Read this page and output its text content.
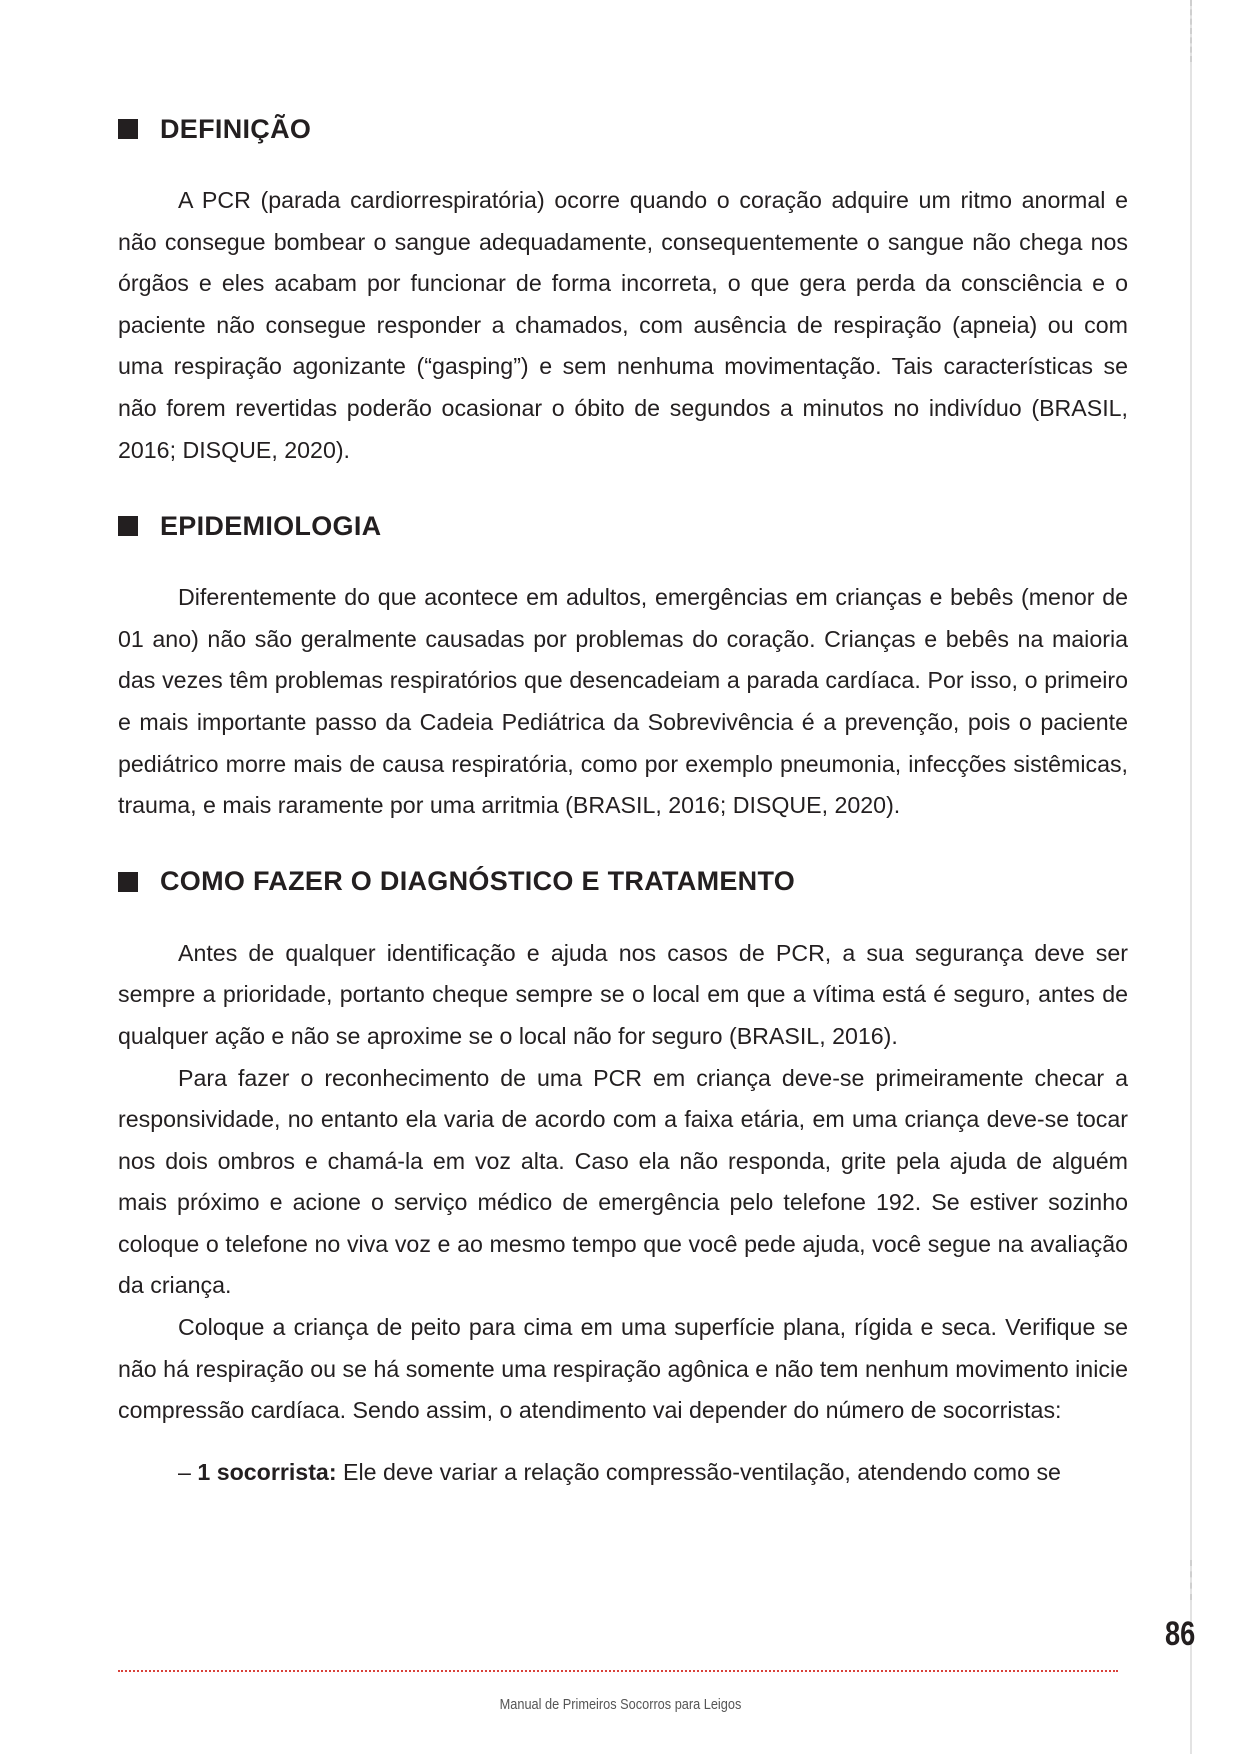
DEFINIÇÃO

A PCR (parada cardiorrespiratória) ocorre quando o coração adquire um ritmo anormal e não consegue bombear o sangue adequadamente, consequentemente o sangue não chega nos órgãos e eles acabam por funcionar de forma incorreta, o que gera perda da consciência e o paciente não consegue responder a chamados, com ausência de respiração (apneia) ou com uma respiração agonizante (“gasping”) e sem nenhuma movimentação. Tais características se não forem revertidas poderão ocasionar o óbito de segundos a minutos no indivíduo (BRASIL, 2016; DISQUE, 2020).

EPIDEMIOLOGIA

Diferentemente do que acontece em adultos, emergências em crianças e bebês (menor de 01 ano) não são geralmente causadas por problemas do coração. Crianças e bebês na maioria das vezes têm problemas respiratórios que desencadeiam a parada cardíaca. Por isso, o primeiro e mais importante passo da Cadeia Pediátrica da Sobrevivência é a prevenção, pois o paciente pediátrico morre mais de causa respiratória, como por exemplo pneumonia, infecções sistêmicas, trauma, e mais raramente por uma arritmia (BRASIL, 2016; DISQUE, 2020).

COMO FAZER O DIAGNÓSTICO E TRATAMENTO

Antes de qualquer identificação e ajuda nos casos de PCR, a sua segurança deve ser sempre a prioridade, portanto cheque sempre se o local em que a vítima está é seguro, antes de qualquer ação e não se aproxime se o local não for seguro (BRASIL, 2016).

Para fazer o reconhecimento de uma PCR em criança deve-se primeiramente checar a responsividade, no entanto ela varia de acordo com a faixa etária, em uma criança deve-se tocar nos dois ombros e chamá-la em voz alta. Caso ela não responda, grite pela ajuda de alguém mais próximo e acione o serviço médico de emergência pelo telefone 192. Se estiver sozinho coloque o telefone no viva voz e ao mesmo tempo que você pede ajuda, você segue na avaliação da criança.

Coloque a criança de peito para cima em uma superfície plana, rígida e seca. Verifique se não há respiração ou se há somente uma respiração agônica e não tem nenhum movimento inicie compressão cardíaca. Sendo assim, o atendimento vai depender do número de socorristas:

– 1 socorrista: Ele deve variar a relação compressão-ventilação, atendendo como se

86
Manual de Primeiros Socorros para Leigos
